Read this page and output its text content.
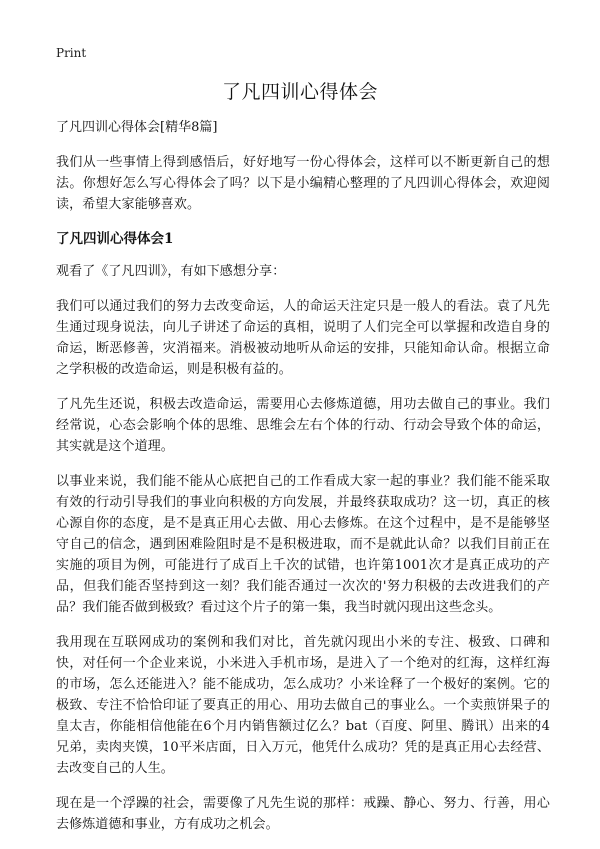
Print
了凡四训心得体会
了凡四训心得体会[精华8篇]

我们从一些事情上得到感悟后，好好地写一份心得体会，这样可以不断更新自己的想法。你想好怎么写心得体会了吗？以下是小编精心整理的了凡四训心得体会，欢迎阅读，希望大家能够喜欢。

了凡四训心得体会1

观看了《了凡四训》，有如下感想分享：

我们可以通过我们的努力去改变命运，人的命运天注定只是一般人的看法。袁了凡先生通过现身说法，向儿子讲述了命运的真相，说明了人们完全可以掌握和改造自身的命运，断恶修善，灾消福来。消极被动地听从命运的安排，只能知命认命。根据立命之学积极的改造命运，则是积极有益的。

了凡先生还说，积极去改造命运，需要用心去修炼道德，用功去做自己的事业。我们经常说，心态会影响个体的思维、思维会左右个体的行动、行动会导致个体的命运，其实就是这个道理。

以事业来说，我们能不能从心底把自己的工作看成大家一起的事业？我们能不能采取有效的行动引导我们的事业向积极的方向发展，并最终获取成功？这一切，真正的核心源自你的态度，是不是真正用心去做、用心去修炼。在这个过程中，是不是能够坚守自己的信念，遇到困难险阻时是不是积极进取，而不是就此认命？以我们目前正在实施的项目为例，可能进行了成百上千次的试错，也许第1001次才是真正成功的产品，但我们能否坚持到这一刻？我们能否通过一次次的'努力积极的去改进我们的产品？我们能否做到极致？看过这个片子的第一集，我当时就闪现出这些念头。

我用现在互联网成功的案例和我们对比，首先就闪现出小米的专注、极致、口碑和快，对任何一个企业来说，小米进入手机市场，是进入了一个绝对的红海，这样红海的市场，怎么还能进入？能不能成功，怎么成功？小米诠释了一个极好的案例。它的极致、专注不恰恰印证了要真正的用心、用功去做自己的事业么。一个卖煎饼果子的皇太吉，你能相信他能在6个月内销售额过亿么？bat（百度、阿里、腾讯）出来的4兄弟，卖肉夹馍，10平米店面，日入万元，他凭什么成功？凭的是真正用心去经营、去改变自己的人生。

现在是一个浮躁的社会，需要像了凡先生说的那样：戒躁、静心、努力、行善，用心去修炼道德和事业，方有成功之机会。
